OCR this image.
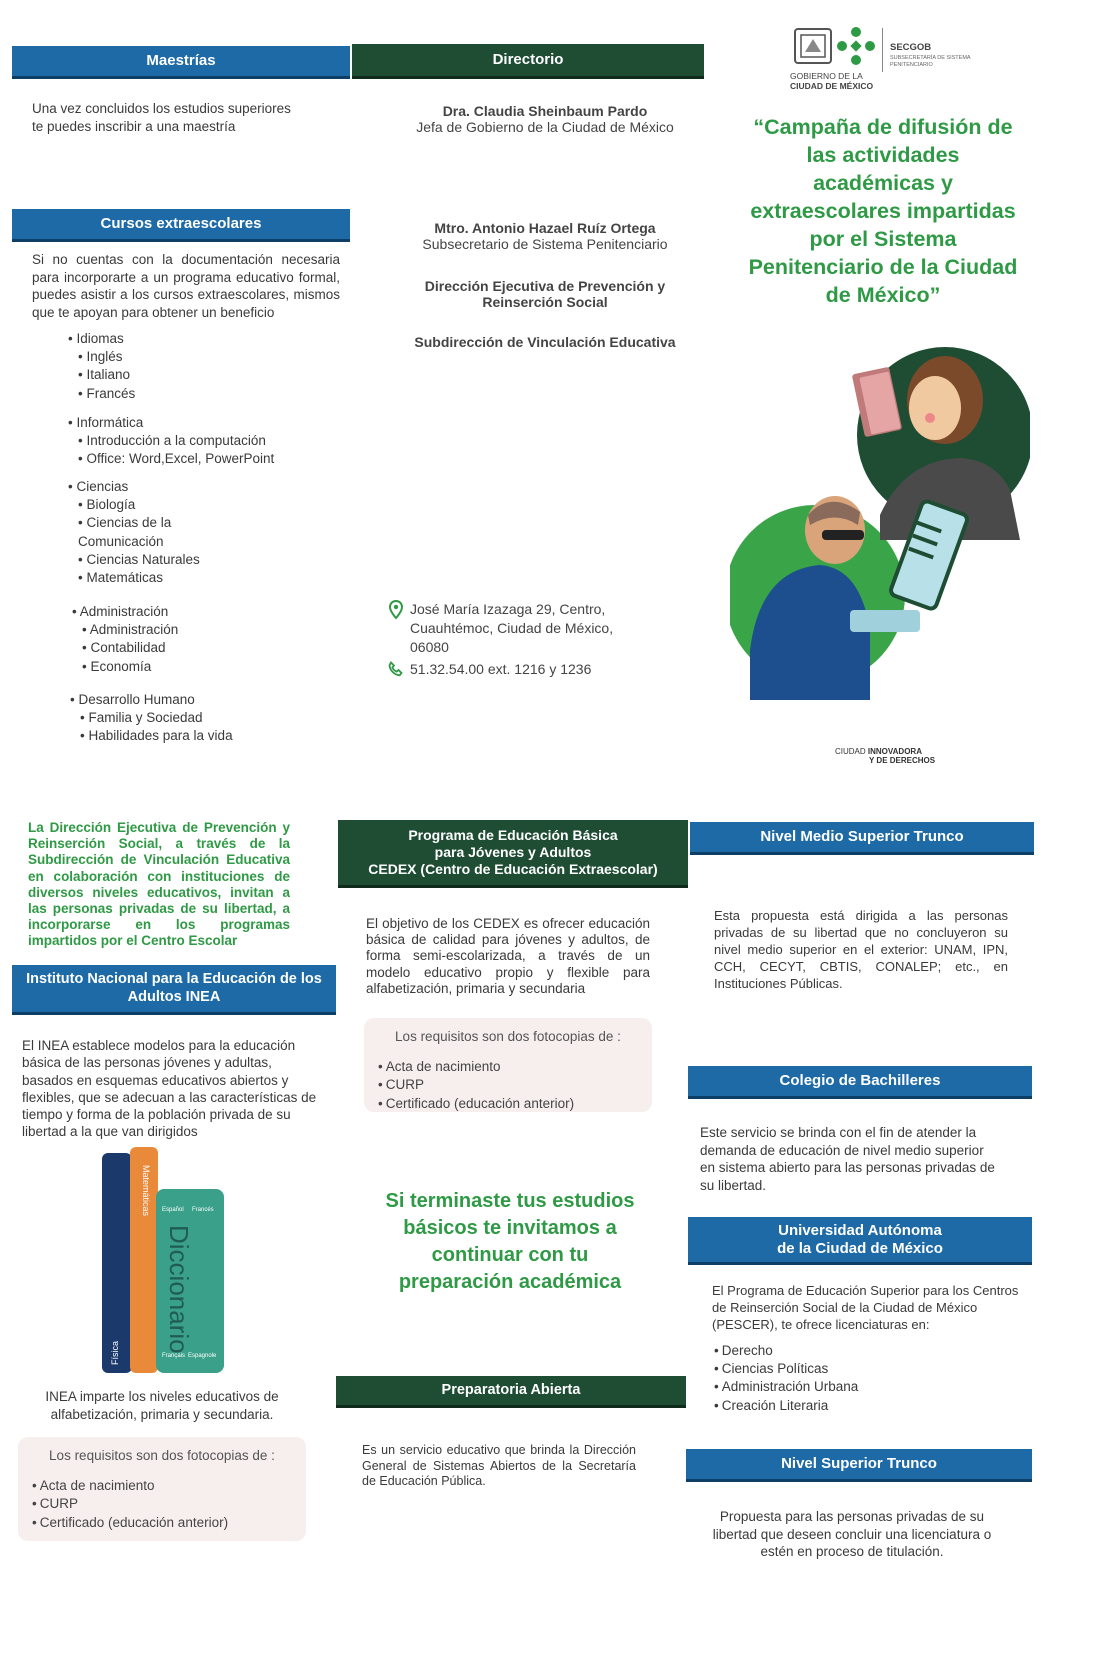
Maestrías
Una vez concluidos los estudios superiores te puedes inscribir a una maestría
Cursos extraescolares
Si no cuentas con la documentación necesaria para incorporarte a un programa educativo formal, puedes asistir a los cursos extraescolares, mismos que te apoyan para obtener un beneficio
• Idiomas
• Inglés
• Italiano
• Francés
• Informática
• Introducción a la computación
• Office: Word,Excel, PowerPoint
• Ciencias
• Biología
• Ciencias de la Comunicación
• Ciencias Naturales
• Matemáticas
• Administración
• Administración
• Contabilidad
• Economía
• Desarrollo Humano
• Familia y Sociedad
• Habilidades para la vida
Directorio
Dra. Claudia Sheinbaum Pardo
Jefa de Gobierno de la Ciudad de México
Mtro. Antonio Hazael Ruíz Ortega
Subsecretario de Sistema Penitenciario
Dirección Ejecutiva de Prevención y Reinserción Social
Subdirección de Vinculación Educativa
José María Izazaga 29, Centro, Cuauhtémoc, Ciudad de México, 06080
51.32.54.00 ext. 1216 y 1236
GOBIERNO DE LA
CIUDAD DE MÉXICO
SECGOB
SUBSECRETARÍA DE SISTEMA PENITENCIARIO
“Campaña de difusión de las actividades académicas y extraescolares impartidas por el Sistema Penitenciario de la Ciudad de México”
CIUDAD INNOVADORA
Y DE DERECHOS
La Dirección Ejecutiva de Prevención y Reinserción Social, a través de la Subdirección de Vinculación Educativa en colaboración con instituciones de diversos niveles educativos, invitan a las personas privadas de su libertad, a incorporarse en los programas impartidos por el Centro Escolar
Instituto Nacional para la Educación de los Adultos INEA
El INEA establece modelos para la educación básica de las personas jóvenes y adultas, basados en esquemas educativos abiertos y flexibles, que se adecuan a las características de tiempo y forma de la población privada de su libertad a la que van dirigidos
Física
Matemáticas
Diccionario
Español Francés
Français Espagnole
INEA imparte los niveles educativos de alfabetización, primaria y secundaria.
Los requisitos son dos fotocopias de :
• Acta de nacimiento
• CURP
• Certificado (educación anterior)
Programa de Educación Básica
para Jóvenes y Adultos
CEDEX (Centro de Educación Extraescolar)
El objetivo de los CEDEX es ofrecer educación básica de calidad para jóvenes y adultos, de forma semi-escolarizada, a través de un modelo educativo propio y flexible para alfabetización, primaria y secundaria
Los requisitos son dos fotocopias de :
• Acta de nacimiento
• CURP
• Certificado (educación anterior)
Si terminaste tus estudios básicos te invitamos a continuar con tu preparación académica
Preparatoria Abierta
Es un servicio educativo que brinda la Dirección General de Sistemas Abiertos de la Secretaría de Educación Pública.
Nivel Medio Superior Trunco
Esta propuesta está dirigida a las personas privadas de su libertad que no concluyeron su nivel medio superior en el exterior: UNAM, IPN, CCH, CECYT, CBTIS, CONALEP; etc., en Instituciones Públicas.
Colegio de Bachilleres
Este servicio se brinda con el fin de atender la demanda de educación de nivel medio superior en sistema abierto para las personas privadas de su libertad.
Universidad Autónoma
de la Ciudad de México
El Programa de Educación Superior para los Centros de Reinserción Social de la Ciudad de México (PESCER), te ofrece licenciaturas en:
• Derecho
• Ciencias Políticas
• Administración Urbana
• Creación Literaria
Nivel Superior Trunco
Propuesta para las personas privadas de su libertad que deseen concluir una licenciatura o estén en proceso de titulación.
